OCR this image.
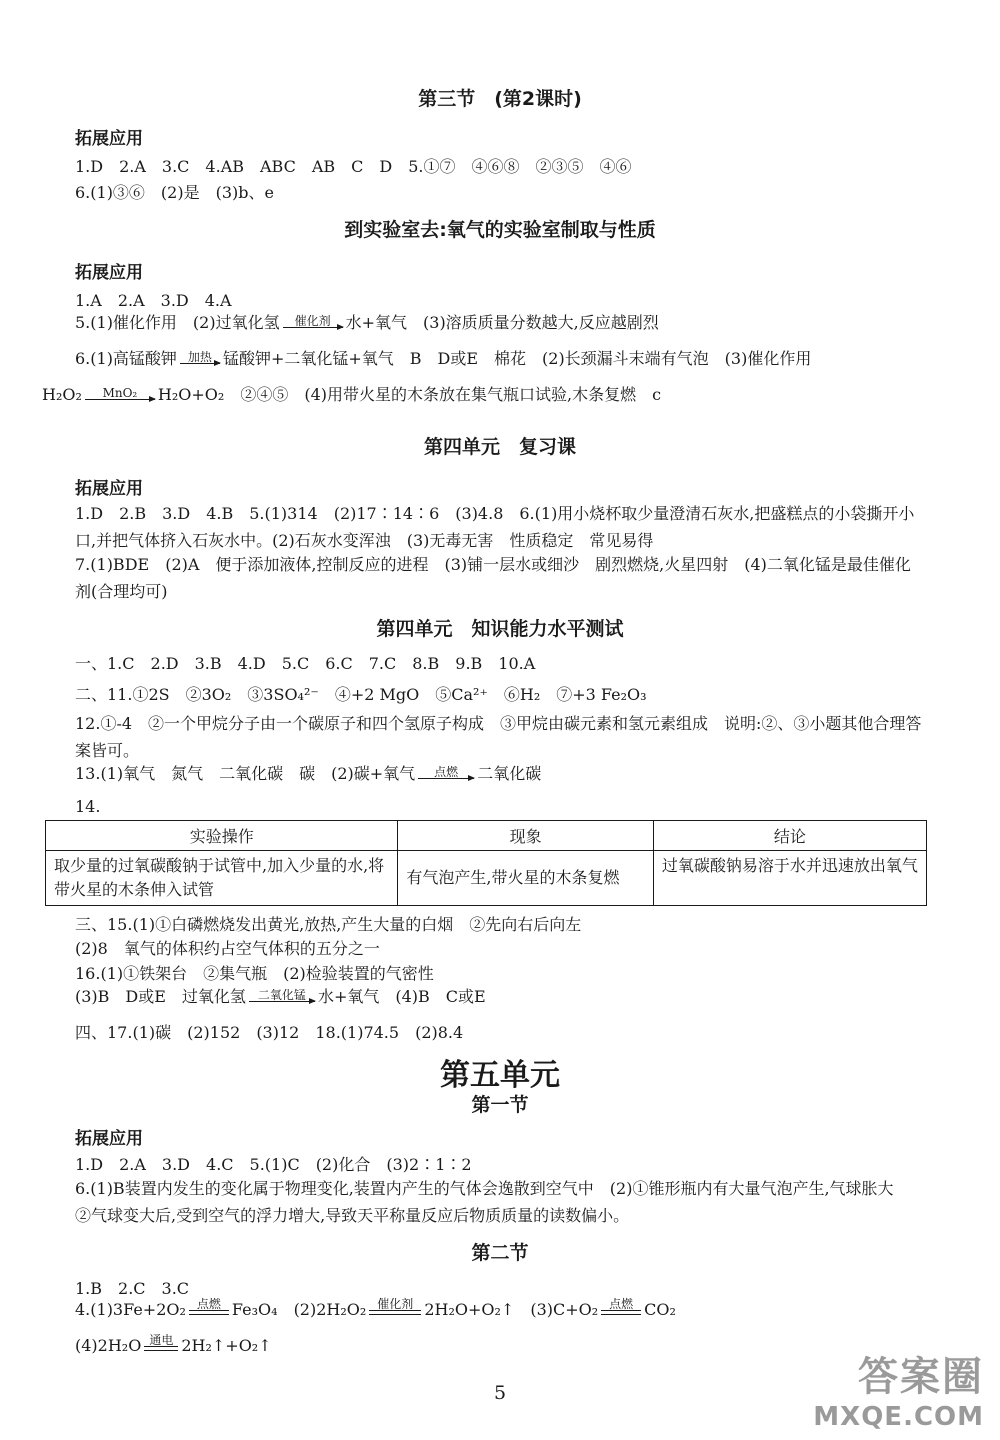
第三节　(第2课时)
拓展应用
1.D　2.A　3.C　4.AB　ABC　AB　C　D　5.①⑦　④⑥⑧　②③⑤　④⑥
6.(1)③⑥　(2)是　(3)b、e
到实验室去:氧气的实验室制取与性质
拓展应用
1.A　2.A　3.D　4.A
5.(1)催化作用　(2)过氧化氢	催化剂 水+氧气　(3)溶质质量分数越大,反应越剧烈
6.(1)高锰酸钾 加热 锰酸钾+二氧化锰+氧气　B　D或E　棉花　(2)长颈漏斗末端有气泡　(3)催化作用
H₂O₂	MnO₂	H₂O+O₂　②④⑤　(4)用带火星的木条放在集气瓶口试验,木条复燃　c
第四单元　复习课
拓展应用
1.D　2.B　3.D　4.B　5.(1)314　(2)17∶14∶6　(3)4.8　6.(1)用小烧杯取少量澄清石灰水,把盛糕点的小袋撕开小口,并把气体挤入石灰水中。(2)石灰水变浑浊　(3)无毒无害　性质稳定　常见易得
7.(1)BDE　(2)A　便于添加液体,控制反应的进程　(3)铺一层水或细沙　剧烈燃烧,火星四射　(4)二氧化锰是最佳催化剂(合理均可)
第四单元　知识能力水平测试
一、1.C　2.D　3.B　4.D　5.C　6.C　7.C　8.B　9.B　10.A
二、11.①2S　②3O₂　③3SO₄²⁻　④+2 MgO　⑤Ca²⁺　⑥H₂　⑦+3 Fe₂O₃
12.①-4　②一个甲烷分子由一个碳原子和四个氢原子构成　③甲烷由碳元素和氢元素组成　说明:②、③小题其他合理答案皆可。
13.(1)氧气　氮气　二氧化碳　碳　(2)碳+氧气	点燃	二氧化碳
14.
实验操作	现象	结论
取少量的过氧碳酸钠于试管中,加入少量的水,将带火星的木条伸入试管	有气泡产生,带火星的木条复燃	过氧碳酸钠易溶于水并迅速放出氧气
三、15.(1)①白磷燃烧发出黄光,放热,产生大量的白烟　②先向右后向左
(2)8　氧气的体积约占空气体积的五分之一
16.(1)①铁架台　②集气瓶　(2)检验装置的气密性
(3)B　D或E　过氧化氢 二氧化锰 水+氧气　(4)B　C或E
四、17.(1)碳　(2)152　(3)12　18.(1)74.5　(2)8.4
第五单元
第一节
拓展应用
1.D　2.A　3.D　4.C　5.(1)C　(2)化合　(3)2∶1∶2
6.(1)B装置内发生的变化属于物理变化,装置内产生的气体会逸散到空气中　(2)①锥形瓶内有大量气泡产生,气球胀大　②气球变大后,受到空气的浮力增大,导致天平称量反应后物质质量的读数偏小。
第二节
1.B　2.C　3.C
4.(1)3Fe+2O₂ 点燃 Fe₃O₄　(2)2H₂O₂ 催化剂 2H₂O+O₂↑　(3)C+O₂ 点燃 CO₂
(4)2H₂O 通电 2H₂↑+O₂↑
5	答案圈
MXQE.COM
